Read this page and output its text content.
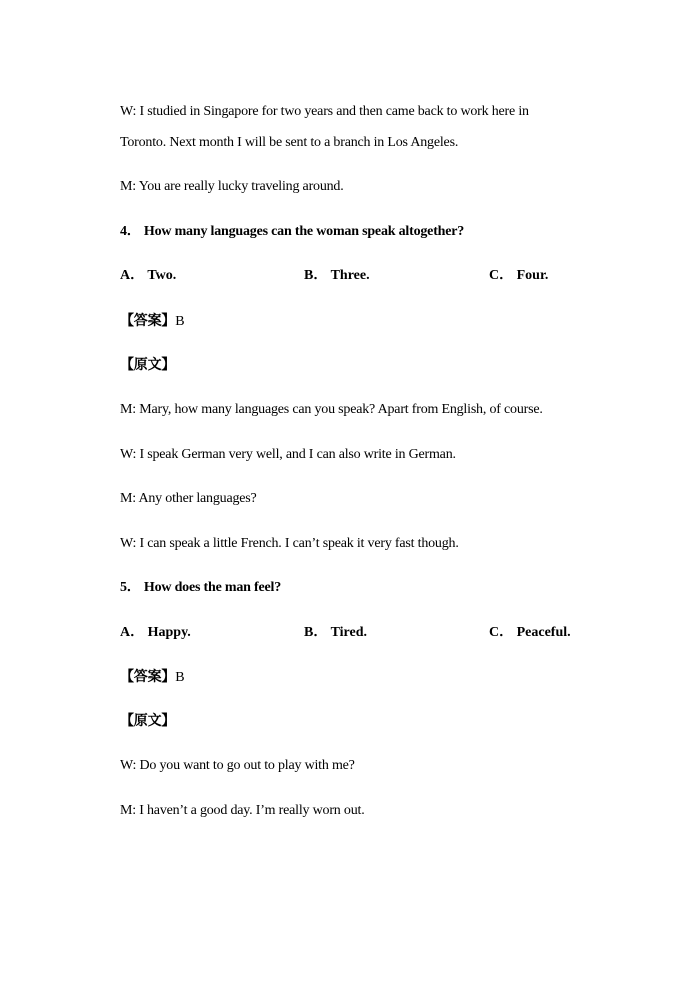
W: I studied in Singapore for two years and then came back to work here in
Toronto. Next month I will be sent to a branch in Los Angeles.
M: You are really lucky traveling around.
4． How many languages can the woman speak altogether?
A． Two.	B． Three.	C． Four.
【答案】B
【原文】
M: Mary, how many languages can you speak? Apart from English, of course.
W: I speak German very well, and I can also write in German.
M: Any other languages?
W: I can speak a little French. I can’t speak it very fast though.
5． How does the man feel?
A． Happy.	B． Tired.	C． Peaceful.
【答案】B
【原文】
W: Do you want to go out to play with me?
M: I haven’t a good day. I’m really worn out.
